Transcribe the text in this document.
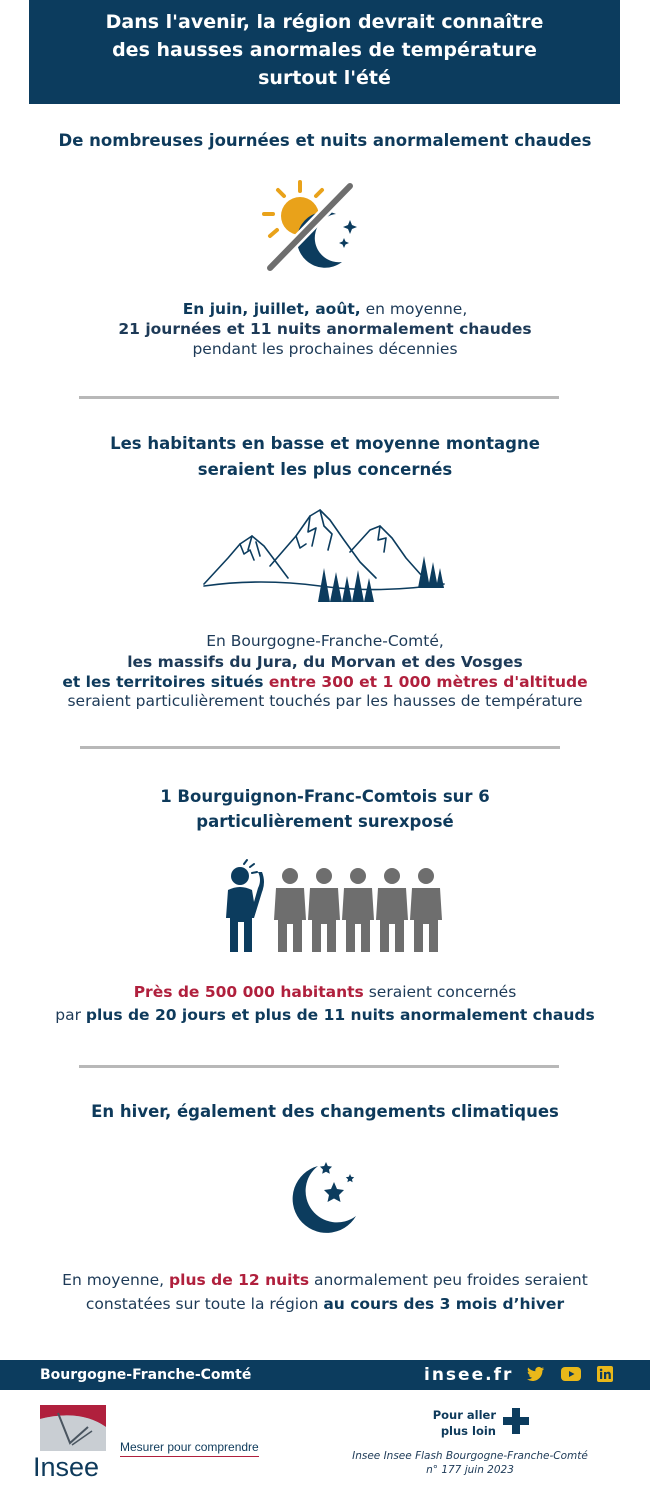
Dans l'avenir, la région devrait connaître
des hausses anormales de température
surtout l'été
De nombreuses journées et nuits anormalement chaudes
En juin, juillet, août, en moyenne,
21 journées et 11 nuits anormalement chaudes
pendant les prochaines décennies
Les habitants en basse et moyenne montagne
seraient les plus concernés
En Bourgogne-Franche-Comté,
les massifs du Jura, du Morvan et des Vosges
et les territoires situés entre 300 et 1 000 mètres d'altitude
seraient particulièrement touchés par les hausses de température
1 Bourguignon-Franc-Comtois sur 6
particulièrement surexposé
Près de 500 000 habitants seraient concernés
par plus de 20 jours et plus de 11 nuits anormalement chauds
En hiver, également des changements climatiques
En moyenne, plus de 12 nuits anormalement peu froides seraient
constatées sur toute la région au cours des 3 mois d’hiver
Bourgogne-Franche-Comté	insee.fr
Insee
Mesurer pour comprendre
Pour aller
plus loin
Insee Insee Flash Bourgogne-Franche-Comté
n° 177 juin 2023
